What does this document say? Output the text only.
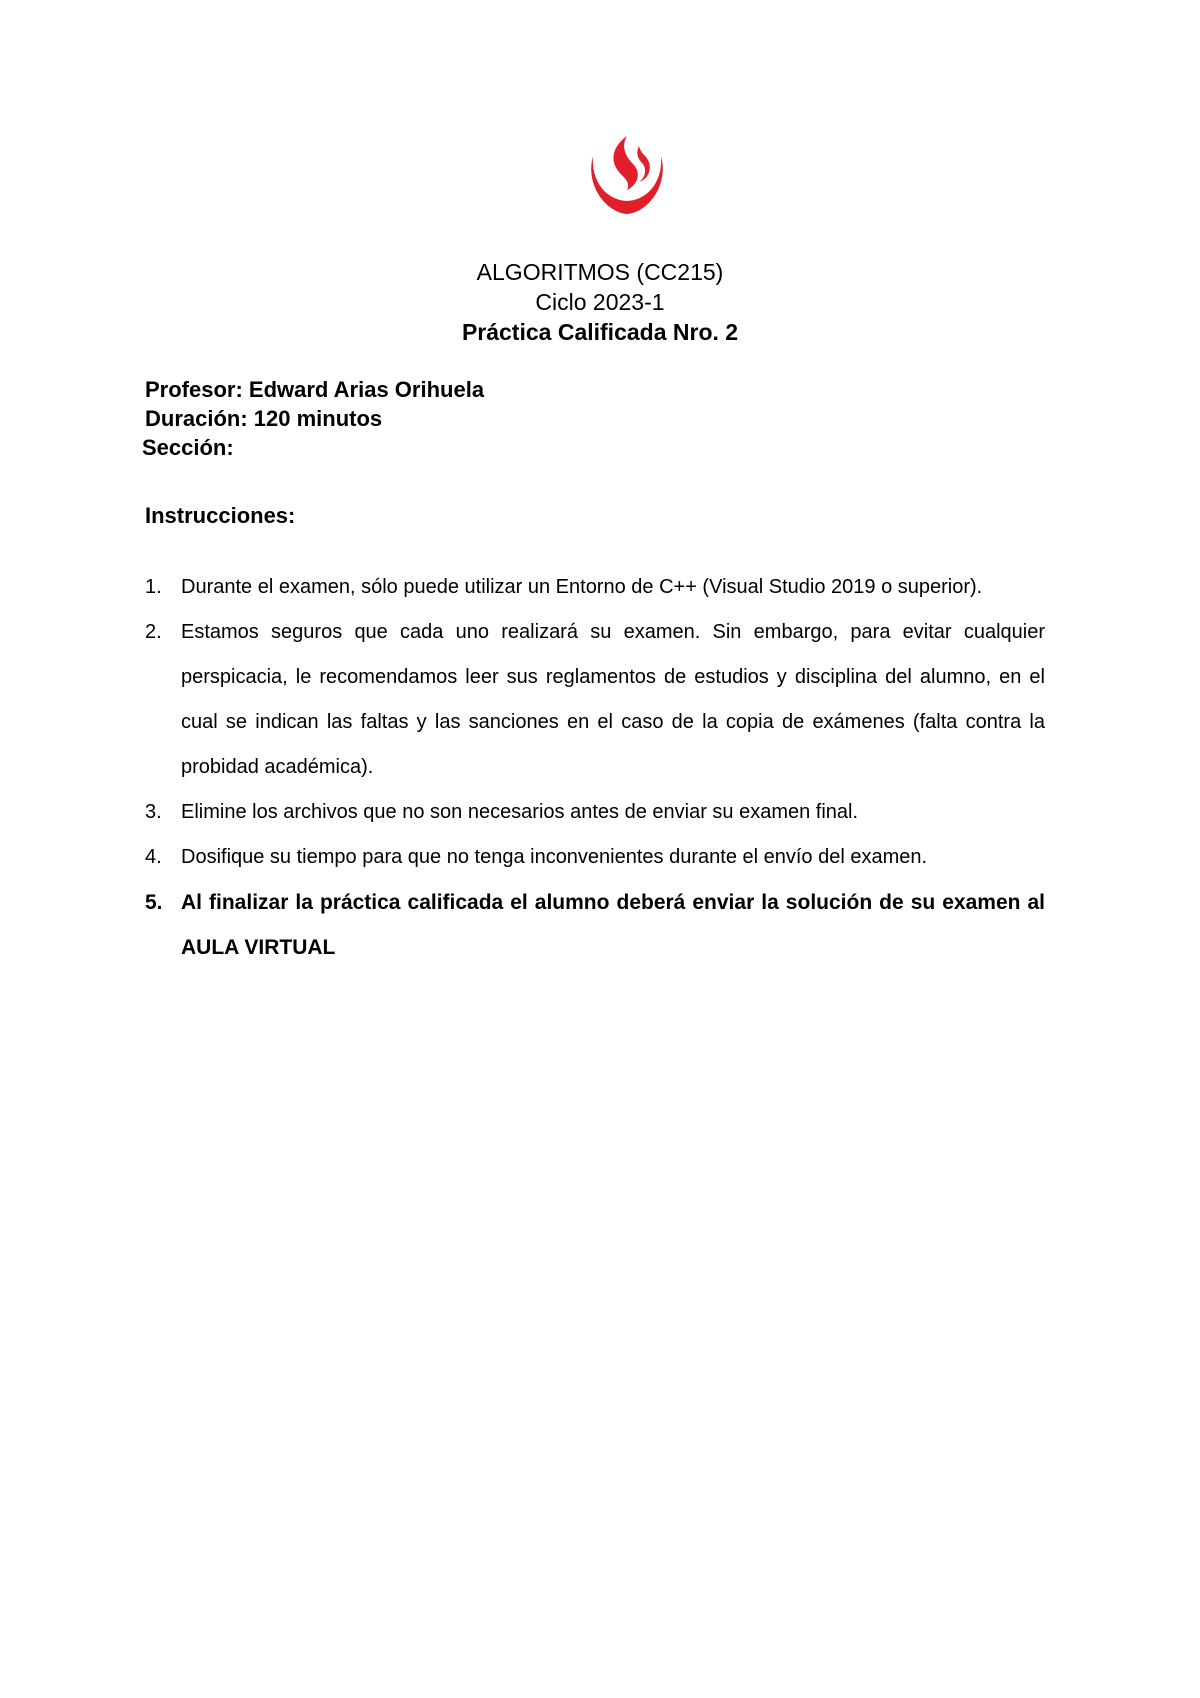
ALGORITMOS (CC215)

Ciclo 2023-1

Práctica Calificada Nro. 2

Profesor: Edward Arias Orihuela

Duración: 120 minutos

Sección:

Instrucciones:

1. Durante el examen, sólo puede utilizar un Entorno de C++ (Visual Studio 2019 o superior).
2. Estamos seguros que cada uno realizará su examen. Sin embargo, para evitar cualquier perspicacia, le recomendamos leer sus reglamentos de estudios y disciplina del alumno, en el cual se indican las faltas y las sanciones en el caso de la copia de exámenes (falta contra la probidad académica).
3. Elimine los archivos que no son necesarios antes de enviar su examen final.
4. Dosifique su tiempo para que no tenga inconvenientes durante el envío del examen.
5. Al finalizar la práctica calificada el alumno deberá enviar la solución de su examen al AULA VIRTUAL
